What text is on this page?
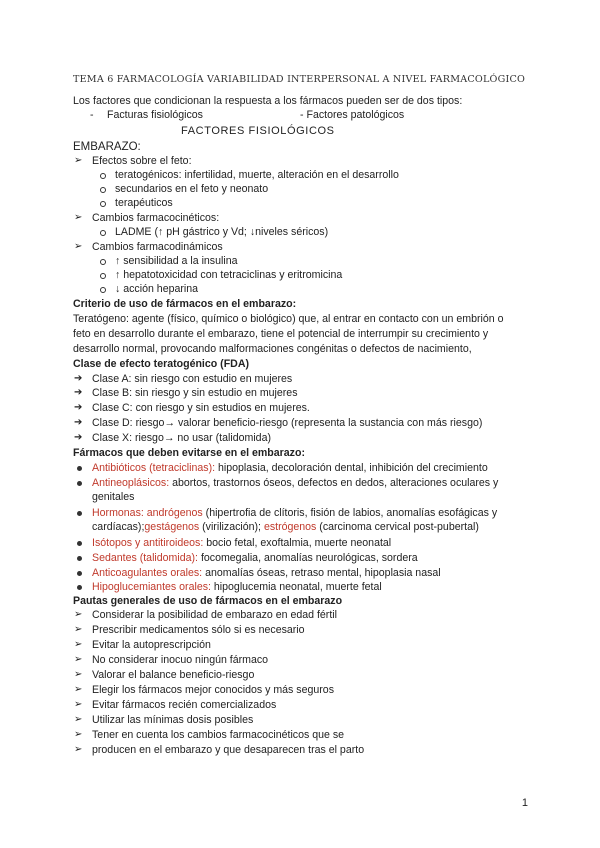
TEMA 6 FARMACOLOGÍA VARIABILIDAD INTERPERSONAL A NIVEL FARMACOLÓGICO
Los factores que condicionan la respuesta a los fármacos pueden ser de dos tipos:
- Facturas fisiológicos	- Factores patológicos
FACTORES FISIOLÓGICOS
EMBARAZO:
➢ Efectos sobre el feto:
teratogénicos: infertilidad, muerte, alteración en el desarrollo
secundarios en el feto y neonato
terapéuticos
➢ Cambios farmacocinéticos:
LADME (↑ pH gástrico y Vd; ↓niveles séricos)
➢ Cambios farmacodinámicos
↑ sensibilidad a la insulina
↑ hepatotoxicidad con tetraciclinas y eritromicina
↓ acción heparina
Criterio de uso de fármacos en el embarazo:
Teratógeno: agente (físico, químico o biológico) que, al entrar en contacto con un embrión o
feto en desarrollo durante el embarazo, tiene el potencial de interrumpir su crecimiento y
desarrollo normal, provocando malformaciones congénitas o defectos de nacimiento,
Clase de efecto teratogénico (FDA)
➔ Clase A: sin riesgo con estudio en mujeres
➔ Clase B: sin riesgo y sin estudio en mujeres
➔ Clase C: con riesgo y sin estudios en mujeres.
➔ Clase D: riesgo→ valorar beneficio-riesgo (representa la sustancia con más riesgo)
➔ Clase X: riesgo→ no usar (talidomida)
Fármacos que deben evitarse en el embarazo:
Antibióticos (tetraciclinas): hipoplasia, decoloración dental, inhibición del crecimiento
Antineoplásicos: abortos, trastornos óseos, defectos en dedos, alteraciones oculares y
genitales
Hormonas: andrógenos (hipertrofia de clítoris, fisión de labios, anomalías esofágicas y
cardíacas);gestágenos (virilización); estrógenos (carcinoma cervical post-pubertal)
Isótopos y antitiroideos: bocio fetal, exoftalmia, muerte neonatal
Sedantes (talidomida): focomegalia, anomalías neurológicas, sordera
Anticoagulantes orales: anomalías óseas, retraso mental, hipoplasia nasal
Hipoglucemiantes orales: hipoglucemia neonatal, muerte fetal
Pautas generales de uso de fármacos en el embarazo
➢ Considerar la posibilidad de embarazo en edad fértil
➢ Prescribir medicamentos sólo si es necesario
➢ Evitar la autoprescripción
➢ No considerar inocuo ningún fármaco
➢ Valorar el balance beneficio-riesgo
➢ Elegir los fármacos mejor conocidos y más seguros
➢ Evitar fármacos recién comercializados
➢ Utilizar las mínimas dosis posibles
➢ Tener en cuenta los cambios farmacocinéticos que se
➢ producen en el embarazo y que desaparecen tras el parto
1
